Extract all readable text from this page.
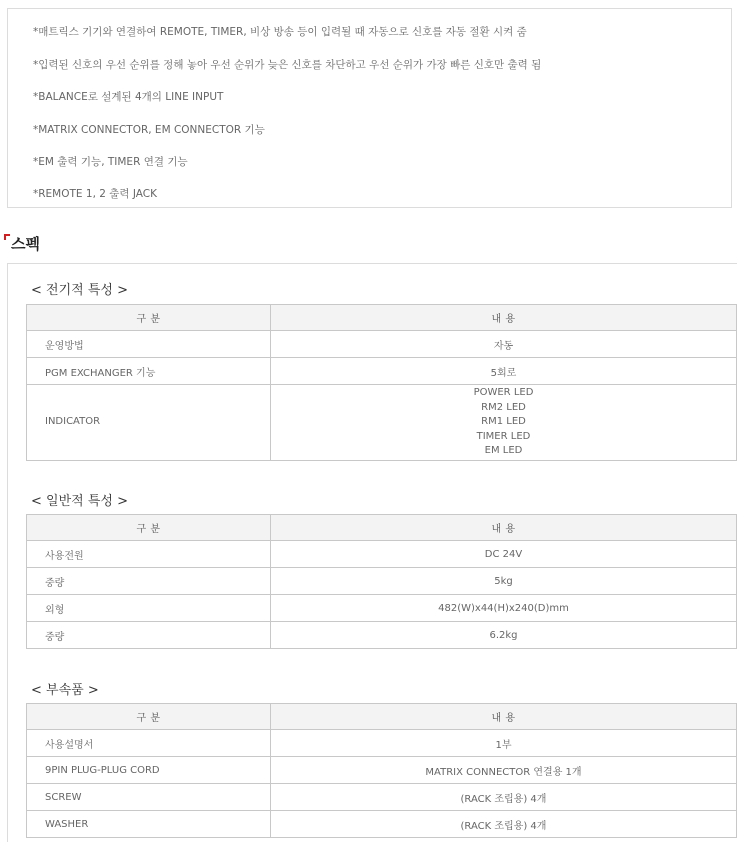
*매트릭스 기기와 연결하여 REMOTE, TIMER, 비상 방송 등이 입력될 때 자동으로 신호를 자동 절환 시켜 줌
*입력된 신호의 우선 순위를 정해 놓아 우선 순위가 늦은 신호를 차단하고 우선 순위가 가장 빠른 신호만 출력 됨
*BALANCE로 설계된 4개의 LINE INPUT
*MATRIX CONNECTOR, EM CONNECTOR 기능
*EM 출력 기능, TIMER 연결 기능
*REMOTE 1, 2 출력 JACK
스펙
< 전기적 특성 >
구 분	내 용
운영방법	자동
PGM EXCHANGER 기능	5회로
INDICATOR	POWER LED
RM2 LED
RM1 LED
TIMER LED
EM LED
< 일반적 특성 >
구 분	내 용
사용전원	DC 24V
중량	5kg
외형	482(W)x44(H)x240(D)mm
중량	6.2kg
< 부속품 >
구 분	내 용
사용설명서	1부
9PIN PLUG-PLUG CORD	MATRIX CONNECTOR 연결용 1개
SCREW	(RACK 조립용) 4개
WASHER	(RACK 조립용) 4개
